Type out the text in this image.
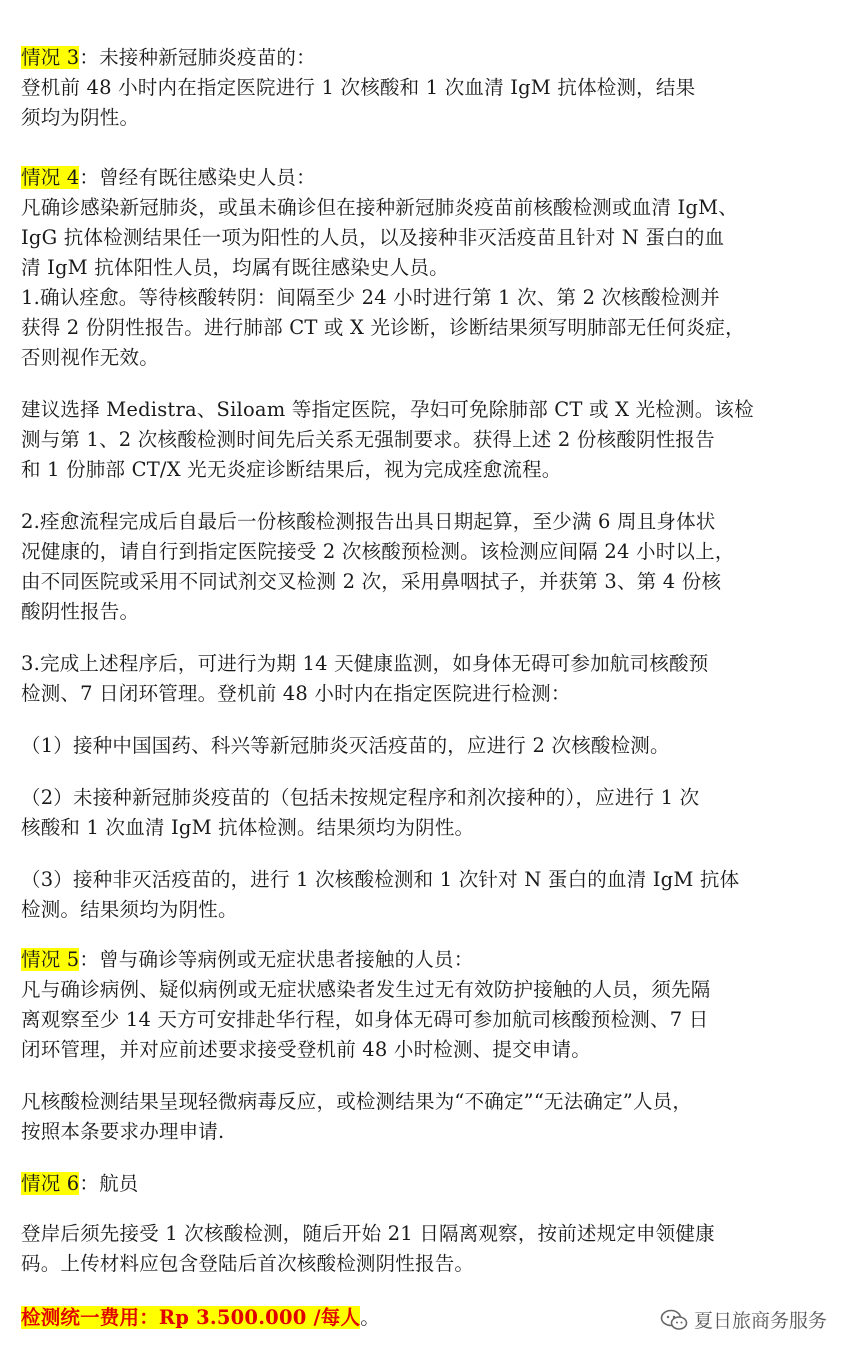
情况 3：未接种新冠肺炎疫苗的：
登机前 48 小时内在指定医院进行 1 次核酸和 1 次血清 IgM 抗体检测，结果
须均为阴性。
情况 4：曾经有既往感染史人员：
凡确诊感染新冠肺炎，或虽未确诊但在接种新冠肺炎疫苗前核酸检测或血清 IgM、
IgG 抗体检测结果任一项为阳性的人员，以及接种非灭活疫苗且针对 N 蛋白的血
清 IgM 抗体阳性人员，均属有既往感染史人员。
1.确认痊愈。等待核酸转阴：间隔至少 24 小时进行第 1 次、第 2 次核酸检测并
获得 2 份阴性报告。进行肺部 CT 或 X 光诊断，诊断结果须写明肺部无任何炎症，
否则视作无效。
建议选择 Medistra、Siloam 等指定医院，孕妇可免除肺部 CT 或 X 光检测。该检
测与第 1、2 次核酸检测时间先后关系无强制要求。获得上述 2 份核酸阴性报告
和 1 份肺部 CT/X 光无炎症诊断结果后，视为完成痊愈流程。
2.痊愈流程完成后自最后一份核酸检测报告出具日期起算，至少满 6 周且身体状
况健康的，请自行到指定医院接受 2 次核酸预检测。该检测应间隔 24 小时以上，
由不同医院或采用不同试剂交叉检测 2 次，采用鼻咽拭子，并获第 3、第 4 份核
酸阴性报告。
3.完成上述程序后，可进行为期 14 天健康监测，如身体无碍可参加航司核酸预
检测、7 日闭环管理。登机前 48 小时内在指定医院进行检测：
（1）接种中国国药、科兴等新冠肺炎灭活疫苗的，应进行 2 次核酸检测。
（2）未接种新冠肺炎疫苗的（包括未按规定程序和剂次接种的），应进行 1 次
核酸和 1 次血清 IgM 抗体检测。结果须均为阴性。
（3）接种非灭活疫苗的，进行 1 次核酸检测和 1 次针对 N 蛋白的血清 IgM 抗体
检测。结果须均为阴性。
情况 5：曾与确诊等病例或无症状患者接触的人员：
凡与确诊病例、疑似病例或无症状感染者发生过无有效防护接触的人员，须先隔
离观察至少 14 天方可安排赴华行程，如身体无碍可参加航司核酸预检测、7 日
闭环管理，并对应前述要求接受登机前 48 小时检测、提交申请。
凡核酸检测结果呈现轻微病毒反应，或检测结果为“不确定”“无法确定”人员，
按照本条要求办理申请.
情况 6：航员
登岸后须先接受 1 次核酸检测，随后开始 21 日隔离观察，按前述规定申领健康
码。上传材料应包含登陆后首次核酸检测阴性报告。
检测统一费用：Rp 3.500.000 /每人。	夏日旅商务服务
